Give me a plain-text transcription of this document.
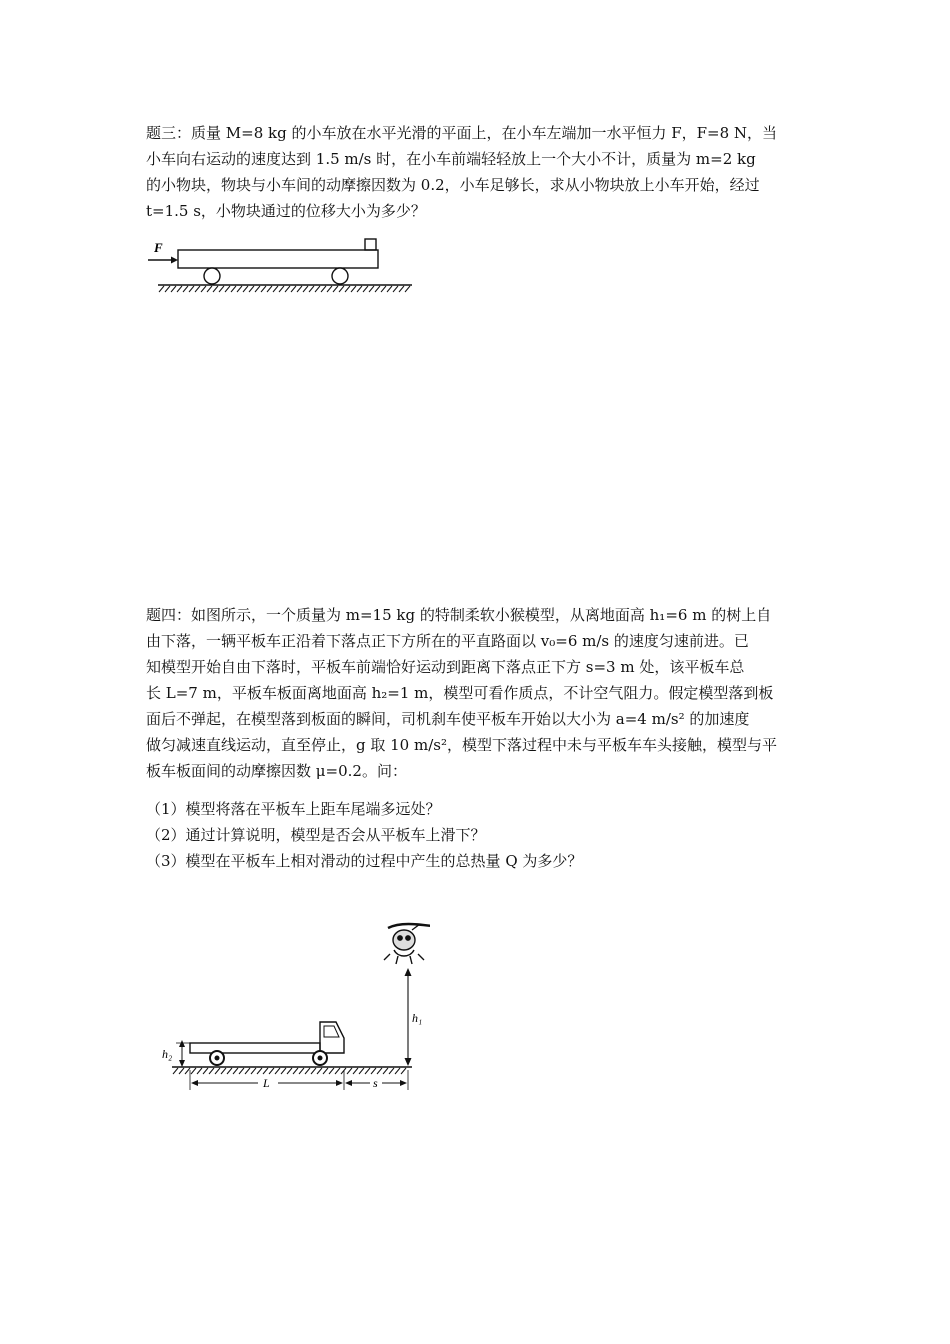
题三：质量 M=8 kg 的小车放在水平光滑的平面上，在小车左端加一水平恒力 F，F=8 N，当
小车向右运动的速度达到 1.5 m/s 时，在小车前端轻轻放上一个大小不计，质量为 m=2 kg
的小物块，物块与小车间的动摩擦因数为 0.2，小车足够长，求从小物块放上小车开始，经过
t=1.5 s，小物块通过的位移大小为多少？
F
题四：如图所示，一个质量为 m=15 kg 的特制柔软小猴模型，从离地面高 h₁=6 m 的树上自
由下落，一辆平板车正沿着下落点正下方所在的平直路面以 v₀=6 m/s 的速度匀速前进。已
知模型开始自由下落时，平板车前端恰好运动到距离下落点正下方 s=3 m 处，该平板车总
长 L=7 m，平板车板面离地面高 h₂=1 m，模型可看作质点，不计空气阻力。假定模型落到板
面后不弹起，在模型落到板面的瞬间，司机刹车使平板车开始以大小为 a=4 m/s² 的加速度
做匀减速直线运动，直至停止，g 取 10 m/s²，模型下落过程中未与平板车车头接触，模型与平
板车板面间的动摩擦因数 μ=0.2。问：
（1）模型将落在平板车上距车尾端多远处？
（2）通过计算说明，模型是否会从平板车上滑下？
（3）模型在平板车上相对滑动的过程中产生的总热量 Q 为多少？
h₁
h₂
L	s
